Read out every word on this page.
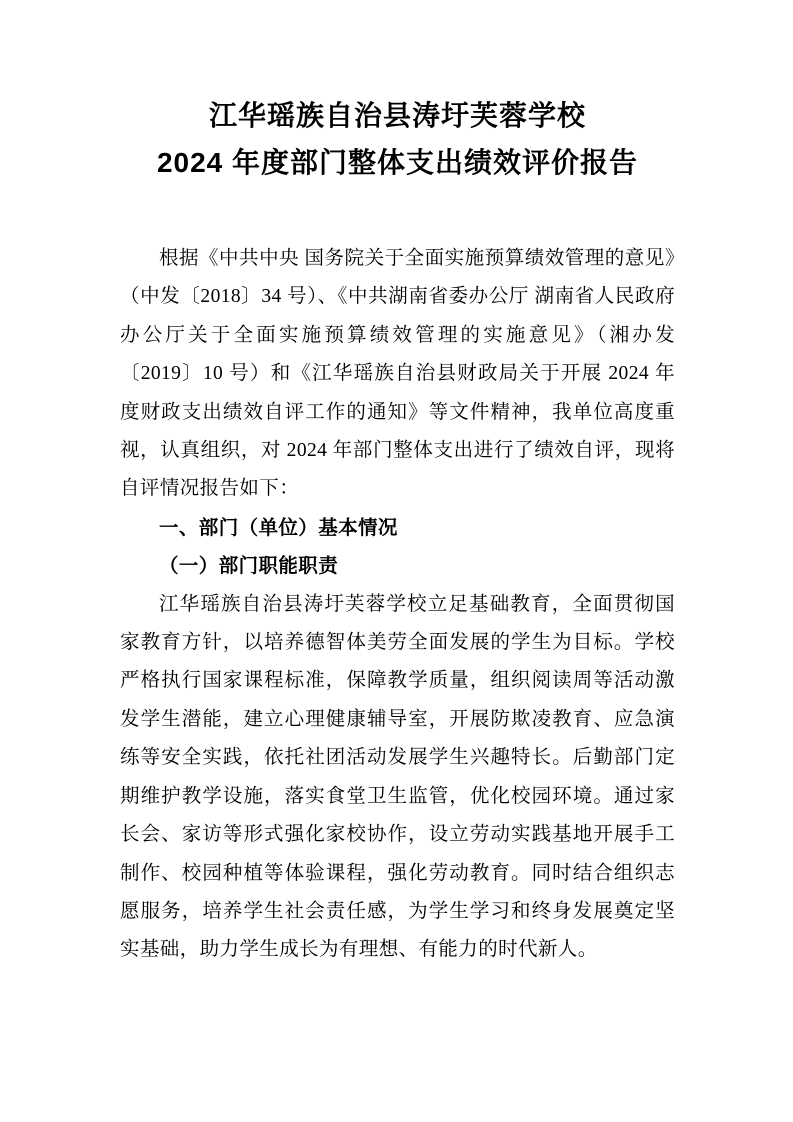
江华瑶族自治县涛圩芙蓉学校
2024 年度部门整体支出绩效评价报告

根据《中共中央 国务院关于全面实施预算绩效管理的意见》（中发〔2018〕34 号）、《中共湖南省委办公厅 湖南省人民政府办公厅关于全面实施预算绩效管理的实施意见》（湘办发〔2019〕10 号）和《江华瑶族自治县财政局关于开展 2024 年度财政支出绩效自评工作的通知》等文件精神，我单位高度重视，认真组织，对 2024 年部门整体支出进行了绩效自评，现将自评情况报告如下：

一、部门（单位）基本情况

（一）部门职能职责

江华瑶族自治县涛圩芙蓉学校立足基础教育，全面贯彻国家教育方针，以培养德智体美劳全面发展的学生为目标。学校严格执行国家课程标准，保障教学质量，组织阅读周等活动激发学生潜能，建立心理健康辅导室，开展防欺凌教育、应急演练等安全实践，依托社团活动发展学生兴趣特长。后勤部门定期维护教学设施，落实食堂卫生监管，优化校园环境。通过家长会、家访等形式强化家校协作，设立劳动实践基地开展手工制作、校园种植等体验课程，强化劳动教育。同时结合组织志愿服务，培养学生社会责任感，为学生学习和终身发展奠定坚实基础，助力学生成长为有理想、有能力的时代新人。
